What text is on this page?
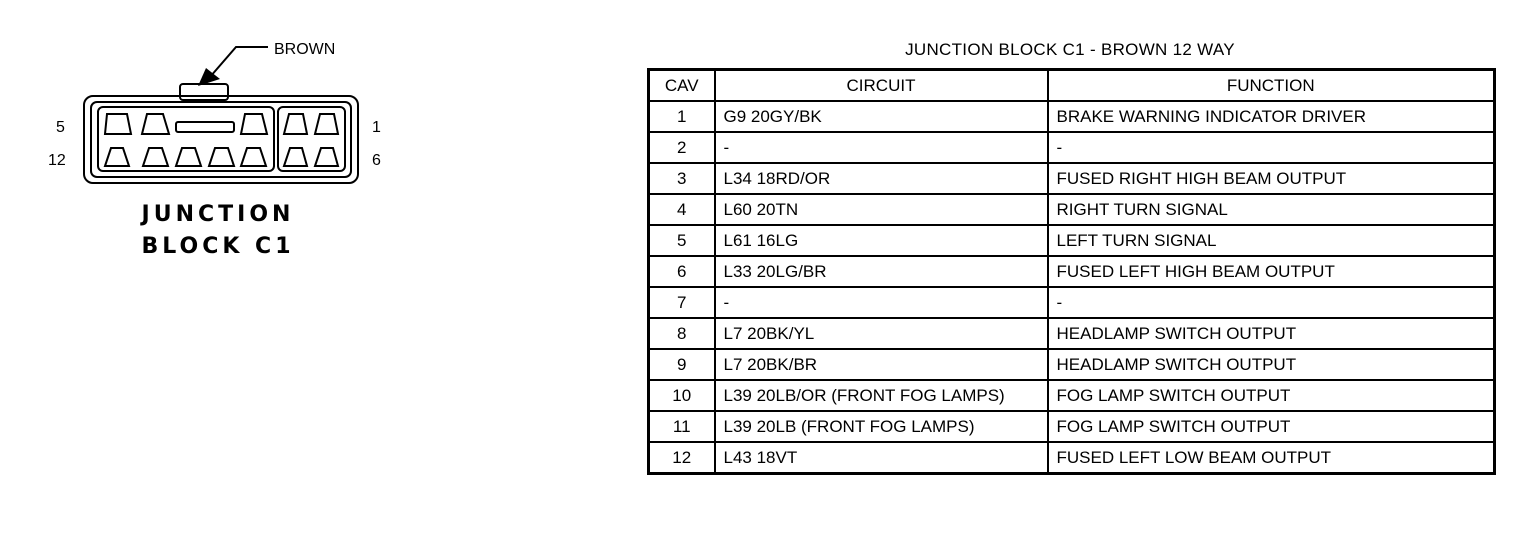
BROWN
5
12
1
6
JUNCTION
BLOCK C1
JUNCTION BLOCK C1 - BROWN 12 WAY
CAV	CIRCUIT	FUNCTION
1	G9 20GY/BK	BRAKE WARNING INDICATOR DRIVER
2	-	-
3	L34 18RD/OR	FUSED RIGHT HIGH BEAM OUTPUT
4	L60 20TN	RIGHT TURN SIGNAL
5	L61 16LG	LEFT TURN SIGNAL
6	L33 20LG/BR	FUSED LEFT HIGH BEAM OUTPUT
7	-	-
8	L7 20BK/YL	HEADLAMP SWITCH OUTPUT
9	L7 20BK/BR	HEADLAMP SWITCH OUTPUT
10	L39 20LB/OR (FRONT FOG LAMPS)	FOG LAMP SWITCH OUTPUT
11	L39 20LB (FRONT FOG LAMPS)	FOG LAMP SWITCH OUTPUT
12	L43 18VT	FUSED LEFT LOW BEAM OUTPUT
